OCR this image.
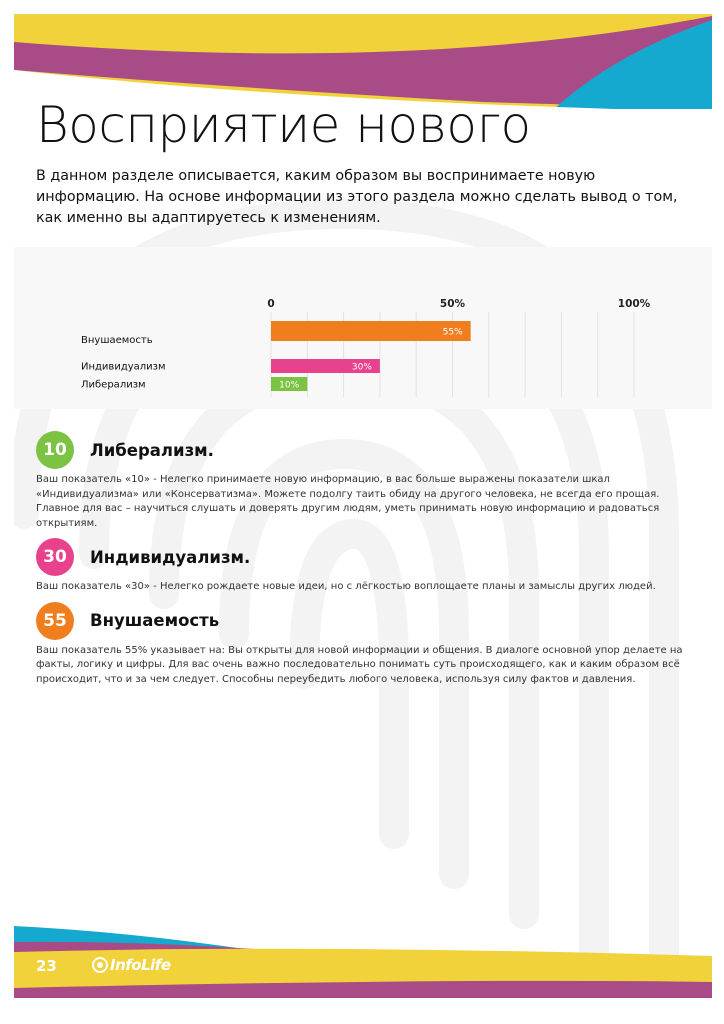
Восприятие нового

В данном разделе описывается, каким образом вы воспринимаете новую информацию. На основе информации из этого раздела можно сделать вывод о том, как именно вы адаптируетесь к изменениям.

0	50%	100%
Внушаемость
Индивидуализм
Либерализм
55%
30%
10%
10	Либерализм.

Ваш показатель «10» - Нелегко принимаете новую информацию, в вас больше выражены показатели шкал «Индивидуализма» или «Консерватизма». Можете подолгу таить обиду на другого человека, не всегда его прощая. Главное для вас – научиться слушать и доверять другим людям, уметь принимать новую информацию и радоваться открытиям.

30	Индивидуализм.

Ваш показатель «30» - Нелегко рождаете новые идеи, но с лёгкостью воплощаете планы и замыслы других людей.

55	Внушаемость

Ваш показатель 55% указывает на: Вы открыты для новой информации и общения. В диалоге основной упор делаете на факты, логику и цифры. Для вас очень важно последовательно понимать суть происходящего, как и каким образом всё происходит, что и за чем следует. Способны переубедить любого человека, используя силу фактов и давления.

23	InfoLife
